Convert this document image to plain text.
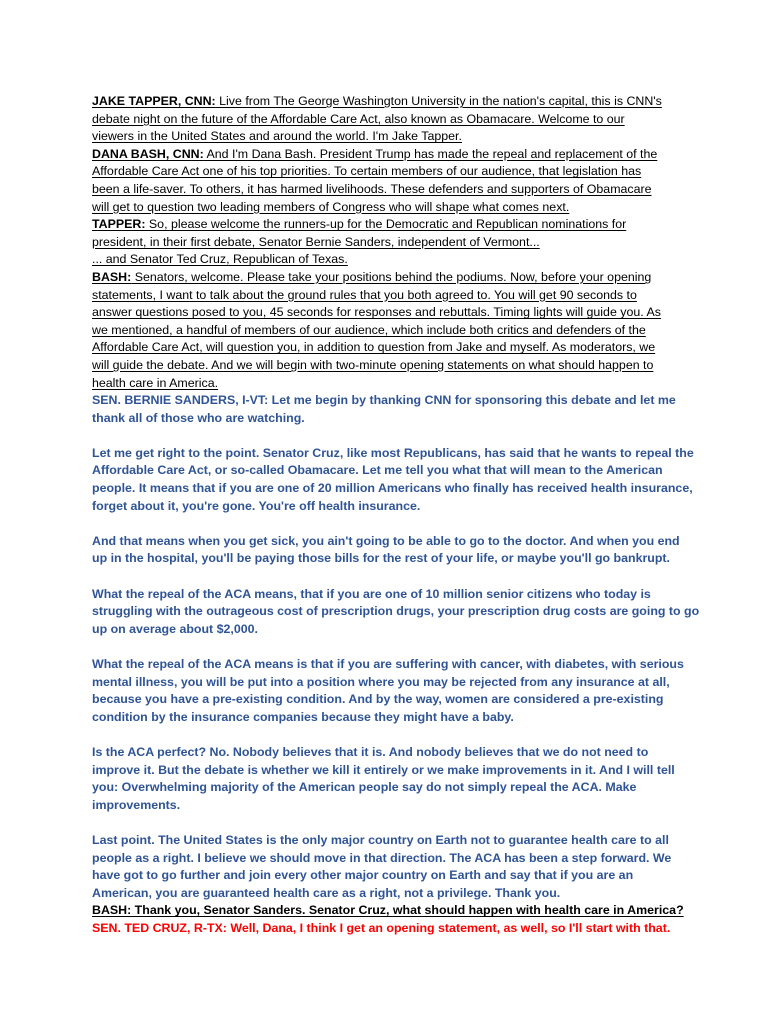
JAKE TAPPER, CNN: Live from The George Washington University in the nation's capital, this is CNN's
debate night on the future of the Affordable Care Act, also known as Obamacare. Welcome to our
viewers in the United States and around the world. I'm Jake Tapper.
DANA BASH, CNN: And I'm Dana Bash. President Trump has made the repeal and replacement of the
Affordable Care Act one of his top priorities. To certain members of our audience, that legislation has
been a life-saver. To others, it has harmed livelihoods. These defenders and supporters of Obamacare
will get to question two leading members of Congress who will shape what comes next.
TAPPER: So, please welcome the runners-up for the Democratic and Republican nominations for
president, in their first debate, Senator Bernie Sanders, independent of Vermont...
... and Senator Ted Cruz, Republican of Texas.
BASH: Senators, welcome. Please take your positions behind the podiums. Now, before your opening
statements, I want to talk about the ground rules that you both agreed to. You will get 90 seconds to
answer questions posed to you, 45 seconds for responses and rebuttals. Timing lights will guide you. As
we mentioned, a handful of members of our audience, which include both critics and defenders of the
Affordable Care Act, will question you, in addition to question from Jake and myself. As moderators, we
will guide the debate. And we will begin with two-minute opening statements on what should happen to
health care in America.
SEN. BERNIE SANDERS, I-VT: Let me begin by thanking CNN for sponsoring this debate and let me
thank all of those who are watching.
Let me get right to the point. Senator Cruz, like most Republicans, has said that he wants to repeal the
Affordable Care Act, or so-called Obamacare. Let me tell you what that will mean to the American
people. It means that if you are one of 20 million Americans who finally has received health insurance,
forget about it, you're gone. You're off health insurance.
And that means when you get sick, you ain't going to be able to go to the doctor. And when you end
up in the hospital, you'll be paying those bills for the rest of your life, or maybe you'll go bankrupt.
What the repeal of the ACA means, that if you are one of 10 million senior citizens who today is
struggling with the outrageous cost of prescription drugs, your prescription drug costs are going to go
up on average about $2,000.
What the repeal of the ACA means is that if you are suffering with cancer, with diabetes, with serious
mental illness, you will be put into a position where you may be rejected from any insurance at all,
because you have a pre-existing condition. And by the way, women are considered a pre-existing
condition by the insurance companies because they might have a baby.
Is the ACA perfect? No. Nobody believes that it is. And nobody believes that we do not need to
improve it. But the debate is whether we kill it entirely or we make improvements in it. And I will tell
you: Overwhelming majority of the American people say do not simply repeal the ACA. Make
improvements.
Last point. The United States is the only major country on Earth not to guarantee health care to all
people as a right. I believe we should move in that direction. The ACA has been a step forward. We
have got to go further and join every other major country on Earth and say that if you are an
American, you are guaranteed health care as a right, not a privilege. Thank you.
BASH: Thank you, Senator Sanders. Senator Cruz, what should happen with health care in America?
SEN. TED CRUZ, R-TX: Well, Dana, I think I get an opening statement, as well, so I'll start with that.
